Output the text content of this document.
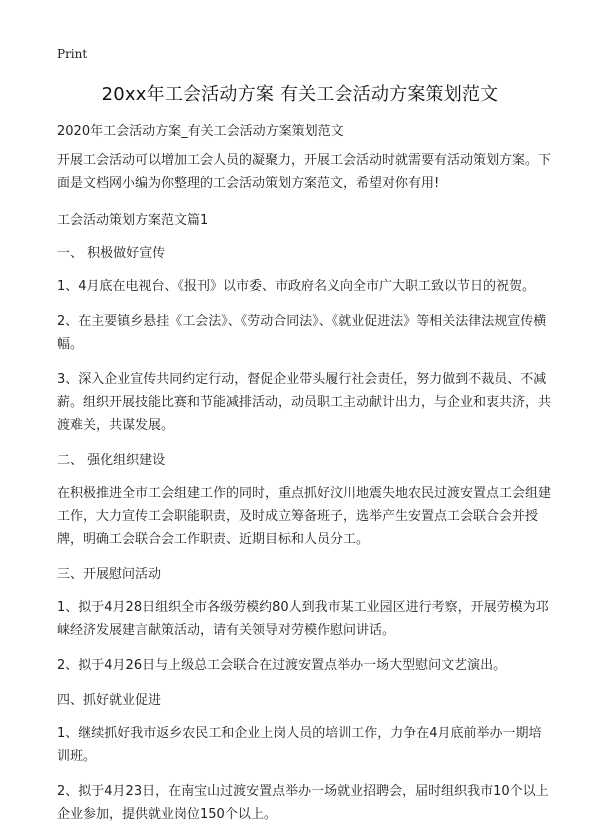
Print
20xx年工会活动方案 有关工会活动方案策划范文

2020年工会活动方案_有关工会活动方案策划范文

开展工会活动可以增加工会人员的凝聚力，开展工会活动时就需要有活动策划方案。下面是文档网小编为你整理的工会活动策划方案范文，希望对你有用!

工会活动策划方案范文篇1

一、 积极做好宣传

1、4月底在电视台、《报刊》以市委、市政府名义向全市广大职工致以节日的祝贺。

2、在主要镇乡悬挂《工会法》、《劳动合同法》、《就业促进法》等相关法律法规宣传横幅。

3、深入企业宣传共同约定行动，督促企业带头履行社会责任，努力做到不裁员、不减薪。组织开展技能比赛和节能减排活动，动员职工主动献计出力，与企业和衷共济，共渡难关，共谋发展。

二、 强化组织建设

在积极推进全市工会组建工作的同时，重点抓好汶川地震失地农民过渡安置点工会组建工作，大力宣传工会职能职责，及时成立筹备班子，选举产生安置点工会联合会并授牌，明确工会联合会工作职责、近期目标和人员分工。

三、开展慰问活动

1、拟于4月28日组织全市各级劳模约80人到我市某工业园区进行考察，开展劳模为邛崃经济发展建言献策活动，请有关领导对劳模作慰问讲话。

2、拟于4月26日与上级总工会联合在过渡安置点举办一场大型慰问文艺演出。

四、抓好就业促进

1、继续抓好我市返乡农民工和企业上岗人员的培训工作，力争在4月底前举办一期培训班。

2、拟于4月23日，在南宝山过渡安置点举办一场就业招聘会，届时组织我市10个以上企业参加，提供就业岗位150个以上。
